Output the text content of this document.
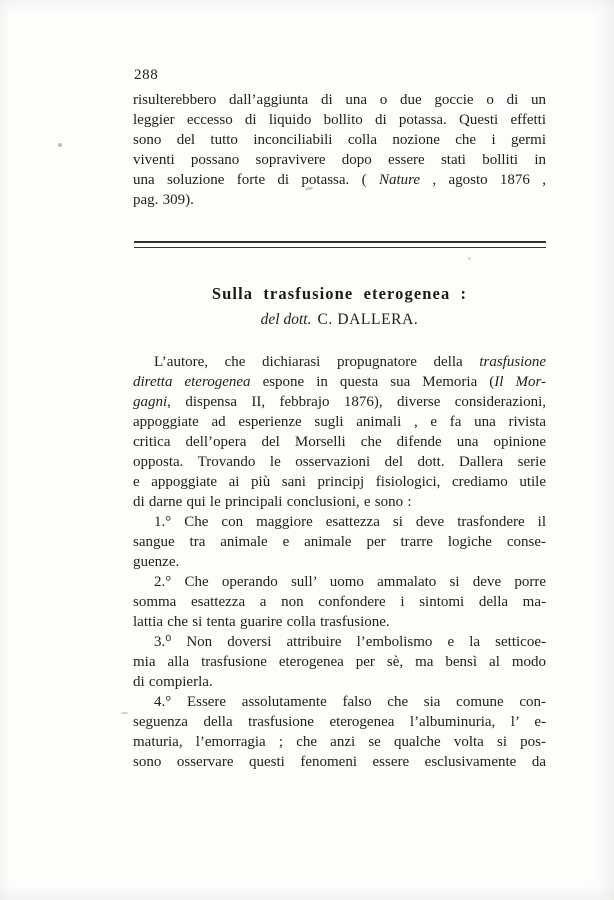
288
risulterebbero dall’aggiunta di una o due goccie o di un
leggier eccesso di liquido bollito di potassa. Questi effetti
sono del tutto inconciliabili colla nozione che i germi
viventi possano sopravivere dopo essere stati bolliti in
una soluzione forte di potassa. ( Nature , agosto 1876 ,
pag. 309).
Sulla trasfusione eterogenea :
del dott. C. DALLERA.
L’autore, che dichiarasi propugnatore della trasfusione
diretta eterogenea espone in questa sua Memoria (Il Mor-
gagni, dispensa II, febbrajo 1876), diverse considerazioni,
appoggiate ad esperienze sugli animali , e fa una rivista
critica dell’opera del Morselli che difende una opinione
opposta. Trovando le osservazioni del dott. Dallera serie
e appoggiate ai più sani principj fisiologici, crediamo utile
di darne qui le principali conclusioni, e sono :
1.° Che con maggiore esattezza si deve trasfondere il
sangue tra animale e animale per trarre logiche conse-
guenze.
2.° Che operando sull’ uomo ammalato si deve porre
somma esattezza a non confondere i sintomi della ma-
lattia che si tenta guarire colla trasfusione.
3.⁰ Non doversi attribuire l’embolismo e la setticoe-
mia alla trasfusione eterogenea per sè, ma bensì al modo
di compierla.
4.° Essere assolutamente falso che sia comune con-
seguenza della trasfusione eterogenea l’albuminuria, l’ e-
maturia, l’emorragia ; che anzi se qualche volta si pos-
sono osservare questi fenomeni essere esclusivamente da
